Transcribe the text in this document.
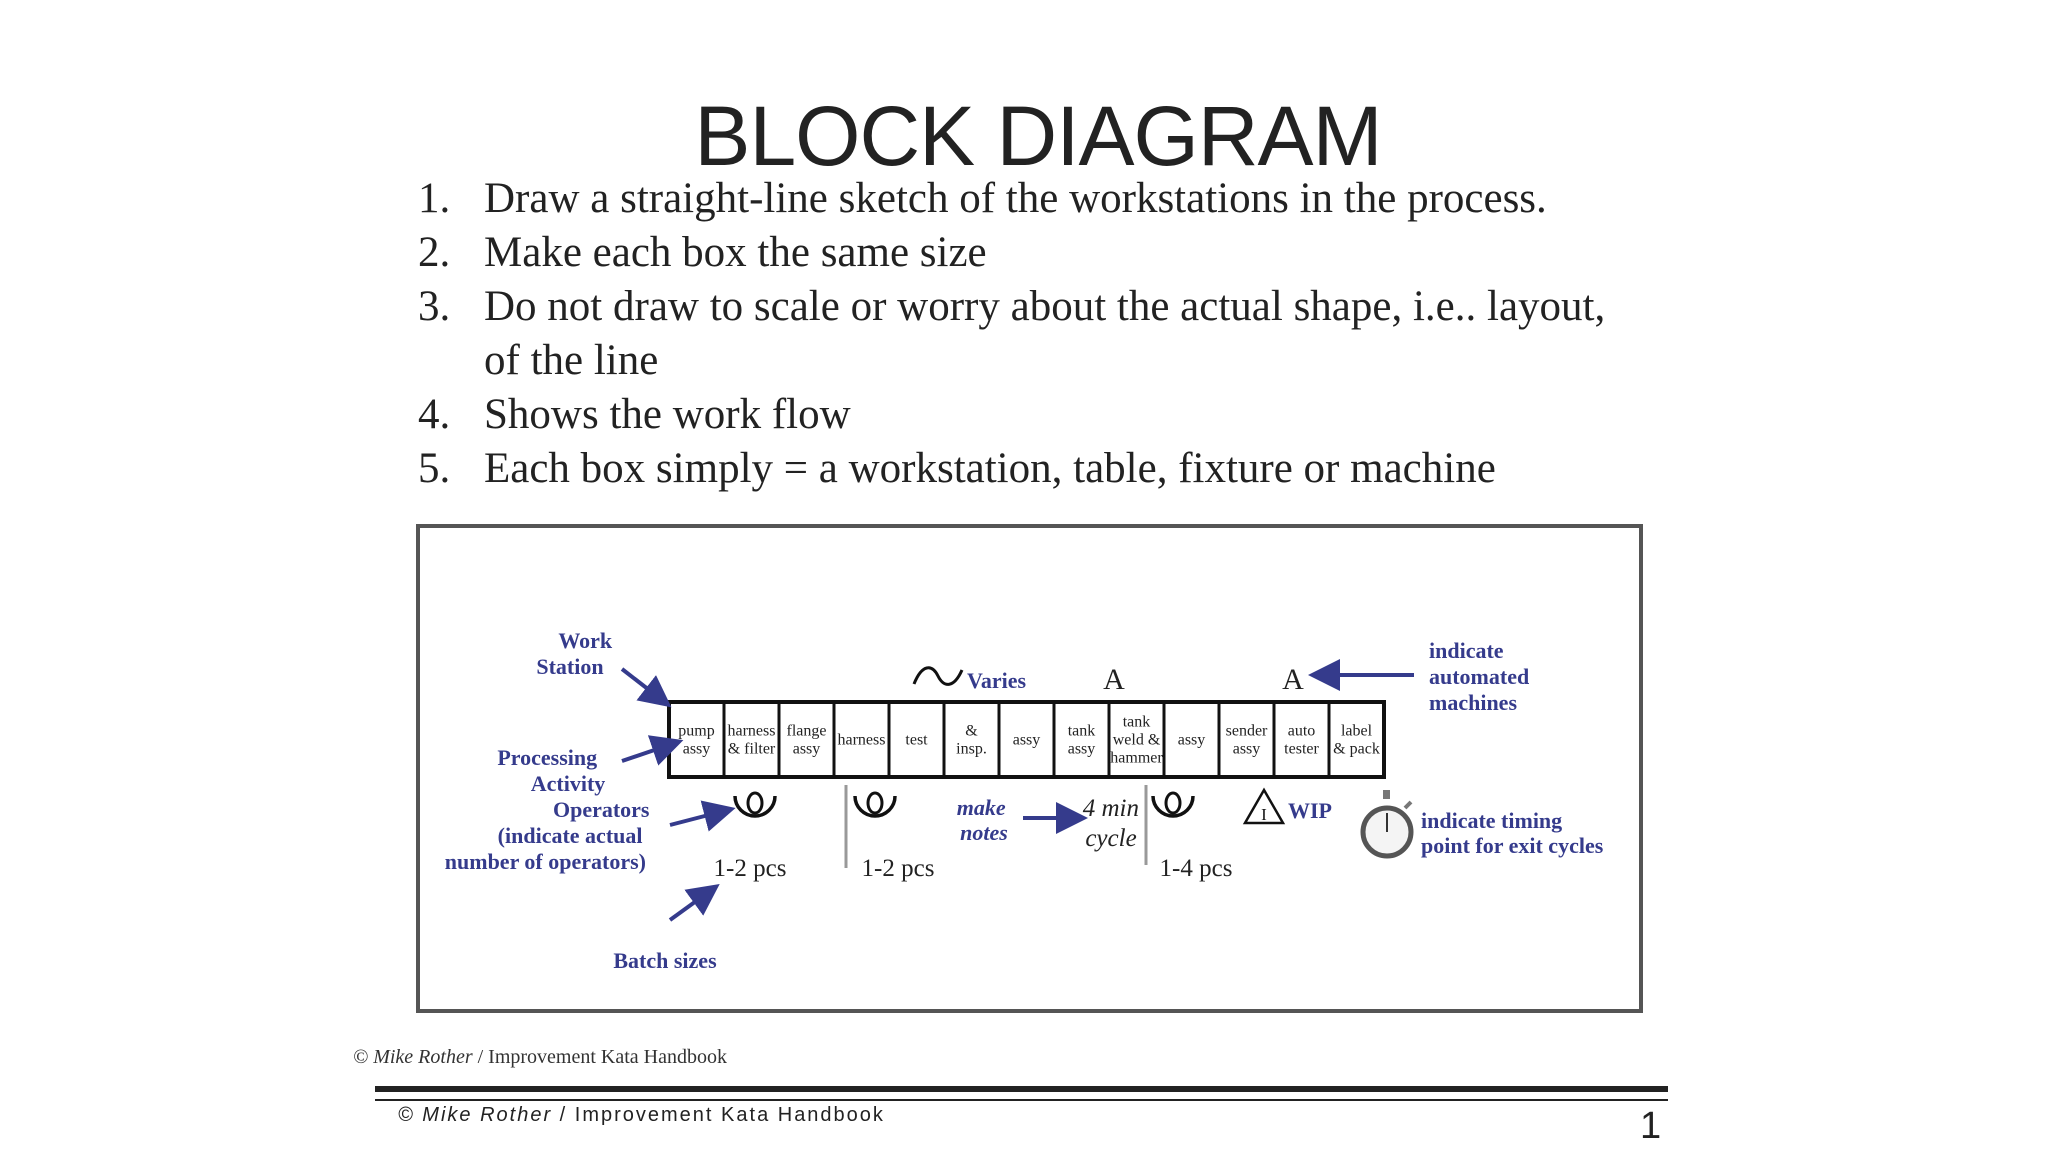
BLOCK DIAGRAM
1. Draw a straight-line sketch of the workstations in the process.
2. Make each box the same size
3. Do not draw to scale or worry about the actual shape, i.e.. layout,
of the line
4. Shows the work flow
5. Each box simply = a workstation, table, fixture or machine
pump assy
harness & filter
flange assy
harness test
& insp.
assy
tank assy
tank weld & hammer
assy
sender assy
auto tester
label & pack
Work Station
Processing Activity
Operators (indicate actual number of operators)
Batch sizes
1-2 pcs	1-2 pcs	1-4 pcs
Varies	A	A
indicate automated machines
make notes
4 min cycle
I WIP	indicate timing point for exit cycles
© Mike Rother / Improvement Kata Handbook
© Mike Rother / Improvement Kata Handbook	1
